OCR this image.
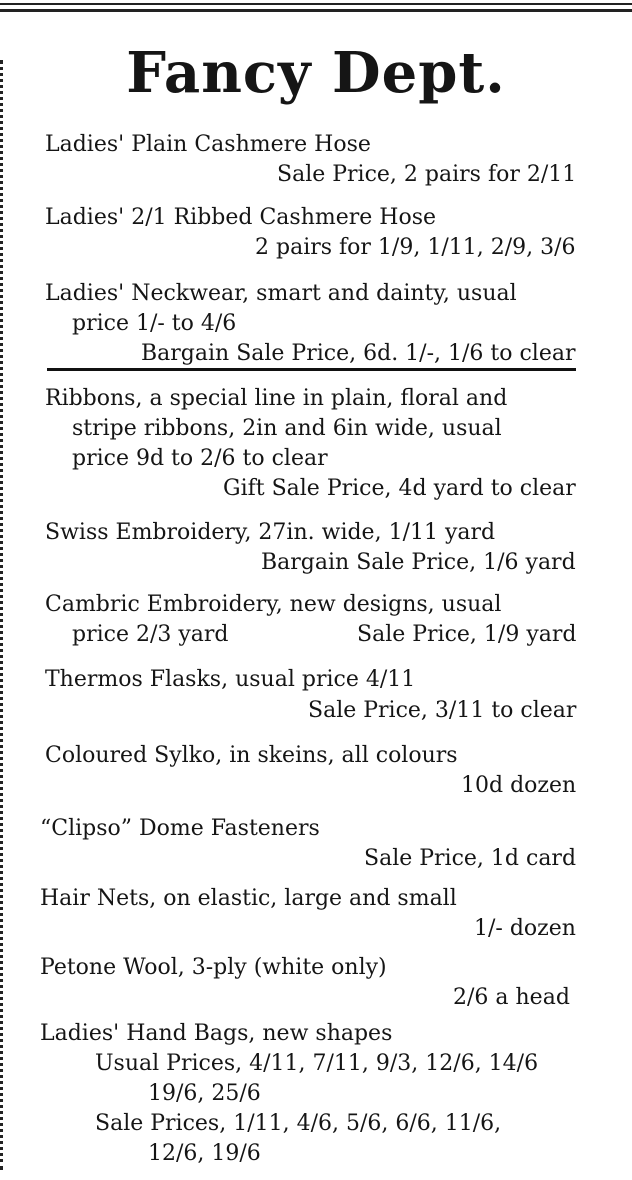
Fancy Dept.
Ladies' Plain Cashmere Hose
Sale Price, 2 pairs for 2/11
Ladies' 2/1 Ribbed Cashmere Hose
2 pairs for 1/9, 1/11, 2/9, 3/6
Ladies' Neckwear, smart and dainty, usual
price 1/- to 4/6
Bargain Sale Price, 6d. 1/-, 1/6 to clear
Ribbons, a special line in plain, floral and
stripe ribbons, 2in and 6in wide, usual
price 9d to 2/6 to clear
Gift Sale Price, 4d yard to clear
Swiss Embroidery, 27in. wide, 1/11 yard
Bargain Sale Price, 1/6 yard
Cambric Embroidery, new designs, usual
price 2/3 yard	Sale Price, 1/9 yard
Thermos Flasks, usual price 4/11
Sale Price, 3/11 to clear
Coloured Sylko, in skeins, all colours
10d dozen
“Clipso” Dome Fasteners
Sale Price, 1d card
Hair Nets, on elastic, large and small
1/- dozen
Petone Wool, 3-ply (white only)
2/6 a head
Ladies' Hand Bags, new shapes
Usual Prices, 4/11, 7/11, 9/3, 12/6, 14/6
19/6, 25/6
Sale Prices, 1/11, 4/6, 5/6, 6/6, 11/6,
12/6, 19/6
